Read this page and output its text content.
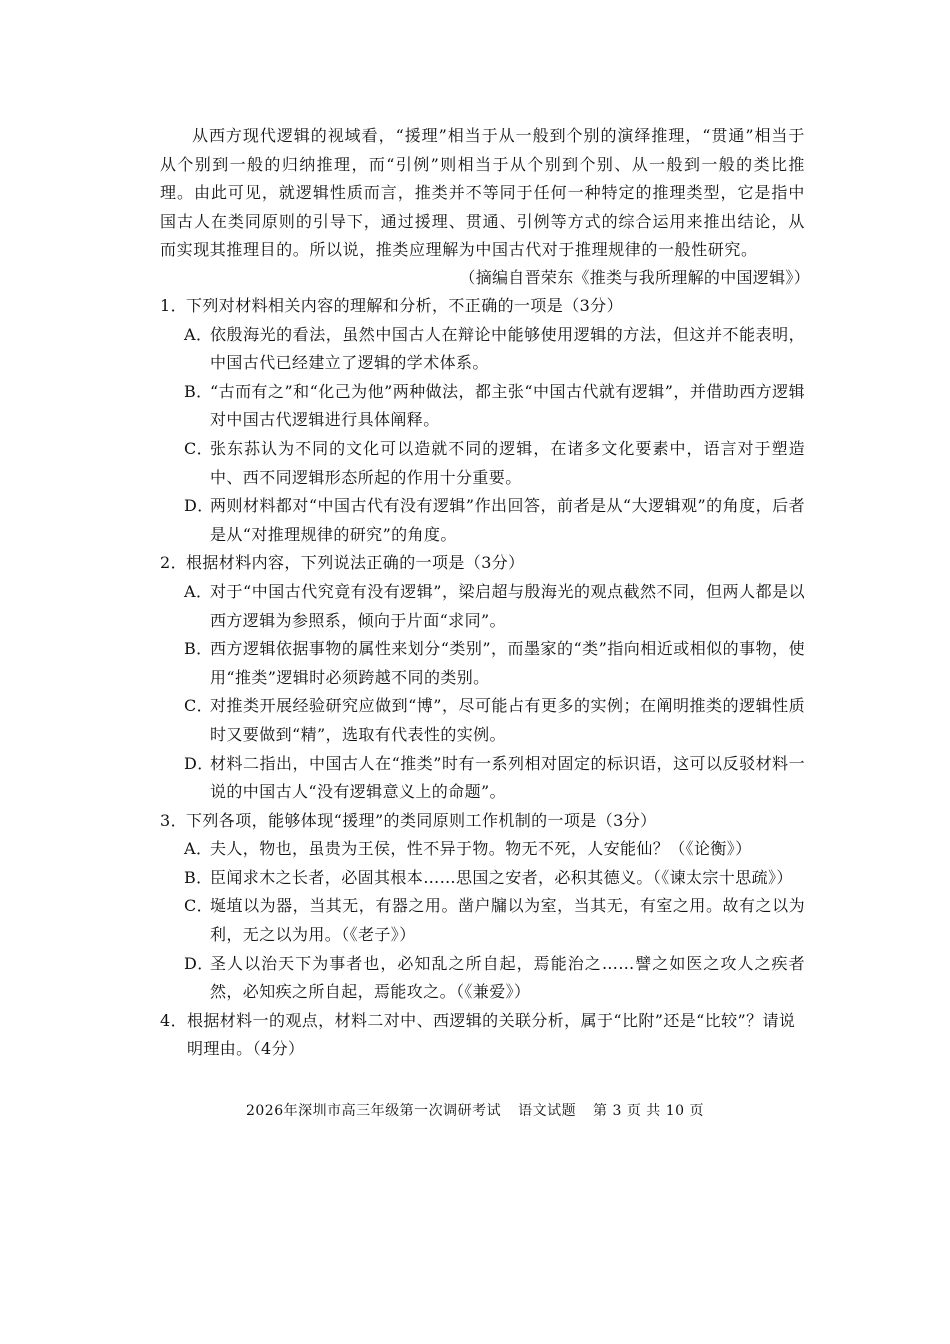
从西方现代逻辑的视域看，“援理”相当于从一般到个别的演绎推理，“贯通”相当于从个别到一般的归纳推理，而“引例”则相当于从个别到个别、从一般到一般的类比推理。由此可见，就逻辑性质而言，推类并不等同于任何一种特定的推理类型，它是指中国古人在类同原则的引导下，通过援理、贯通、引例等方式的综合运用来推出结论，从而实现其推理目的。所以说，推类应理解为中国古代对于推理规律的一般性研究。

（摘编自晋荣东《推类与我所理解的中国逻辑》）

1．下列对材料相关内容的理解和分析，不正确的一项是（3分）

A．
依殷海光的看法，虽然中国古人在辩论中能够使用逻辑的方法，但这并不能表明，中国古代已经建立了逻辑的学术体系。
B．
“古而有之”和“化己为他”两种做法，都主张“中国古代就有逻辑”，并借助西方逻辑对中国古代逻辑进行具体阐释。
C．
张东荪认为不同的文化可以造就不同的逻辑，在诸多文化要素中，语言对于塑造中、西不同逻辑形态所起的作用十分重要。
D．
两则材料都对“中国古代有没有逻辑”作出回答，前者是从“大逻辑观”的角度，后者是从“对推理规律的研究”的角度。

2．根据材料内容，下列说法正确的一项是（3分）

A．
对于“中国古代究竟有没有逻辑”，梁启超与殷海光的观点截然不同，但两人都是以西方逻辑为参照系，倾向于片面“求同”。
B．
西方逻辑依据事物的属性来划分“类别”，而墨家的“类”指向相近或相似的事物，使用“推类”逻辑时必须跨越不同的类别。
C．
对推类开展经验研究应做到“博”，尽可能占有更多的实例；在阐明推类的逻辑性质时又要做到“精”，选取有代表性的实例。
D．
材料二指出，中国古人在“推类”时有一系列相对固定的标识语，这可以反驳材料一说的中国古人“没有逻辑意义上的命题”。

3．下列各项，能够体现“援理”的类同原则工作机制的一项是（3分）

A．
夫人，物也，虽贵为王侯，性不异于物。物无不死，人安能仙？（《论衡》）
B．
臣闻求木之长者，必固其根本……思国之安者，必积其德义。（《谏太宗十思疏》）
C．
埏埴以为器，当其无，有器之用。凿户牖以为室，当其无，有室之用。故有之以为利，无之以为用。（《老子》）
D．
圣人以治天下为事者也，必知乱之所自起，焉能治之……譬之如医之攻人之疾者然，必知疾之所自起，焉能攻之。（《兼爱》）
4． 根据材料一的观点，材料二对中、西逻辑的关联分析，属于“比附”还是“比较”？请说明理由。（4分）
2026年深圳市高三年级第一次调研考试 语文试题 第 3 页 共 10 页
